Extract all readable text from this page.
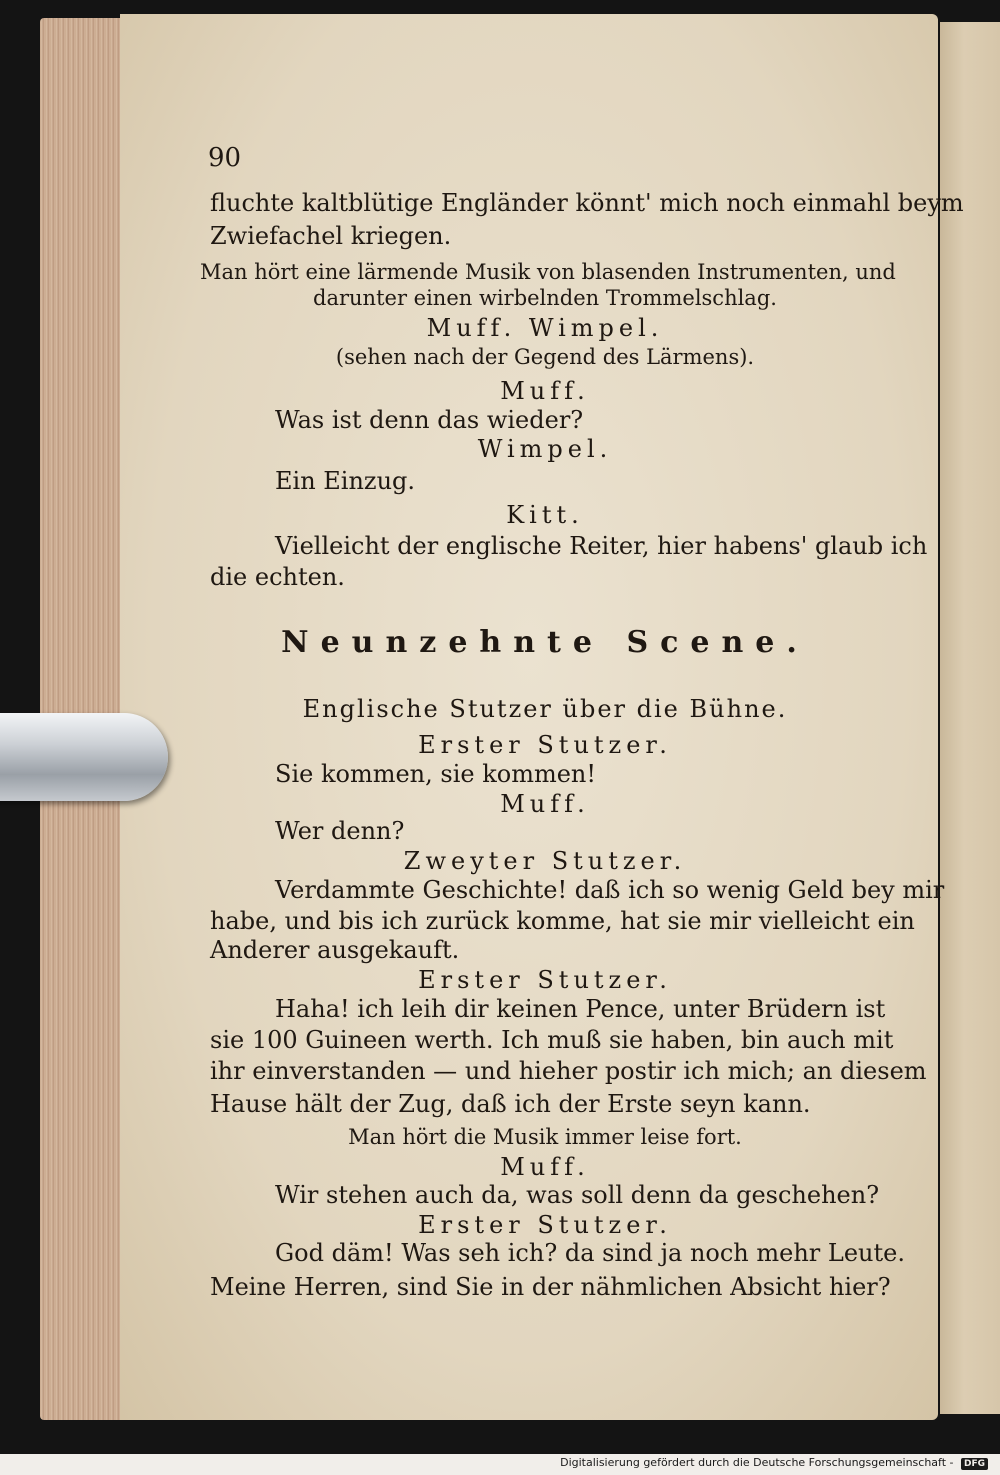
90
fluchte kaltblütige Engländer könnt' mich noch einmahl beym
Zwiefachel kriegen.
Man hört eine lärmende Musik von blasenden Instrumenten, und
darunter einen wirbelnden Trommelschlag.
Muff. Wimpel.
(sehen nach der Gegend des Lärmens).
Muff.
Was ist denn das wieder?
Wimpel.
Ein Einzug.
Kitt.
Vielleicht der englische Reiter, hier habens' glaub ich
die echten.
Neunzehnte Scene.
Englische Stutzer über die Bühne.
Erster Stutzer.
Sie kommen, sie kommen!
Muff.
Wer denn?
Zweyter Stutzer.
Verdammte Geschichte! daß ich so wenig Geld bey mir
habe, und bis ich zurück komme, hat sie mir vielleicht ein
Anderer ausgekauft.
Erster Stutzer.
Haha! ich leih dir keinen Pence, unter Brüdern ist
sie 100 Guineen werth. Ich muß sie haben, bin auch mit
ihr einverstanden — und hieher postir ich mich; an diesem
Hause hält der Zug, daß ich der Erste seyn kann.
Man hört die Musik immer leise fort.
Muff.
Wir stehen auch da, was soll denn da geschehen?
Erster Stutzer.
God däm! Was seh ich? da sind ja noch mehr Leute.
Meine Herren, sind Sie in der nähmlichen Absicht hier?
Digitalisierung gefördert durch die Deutsche Forschungsgemeinschaft - DFG
